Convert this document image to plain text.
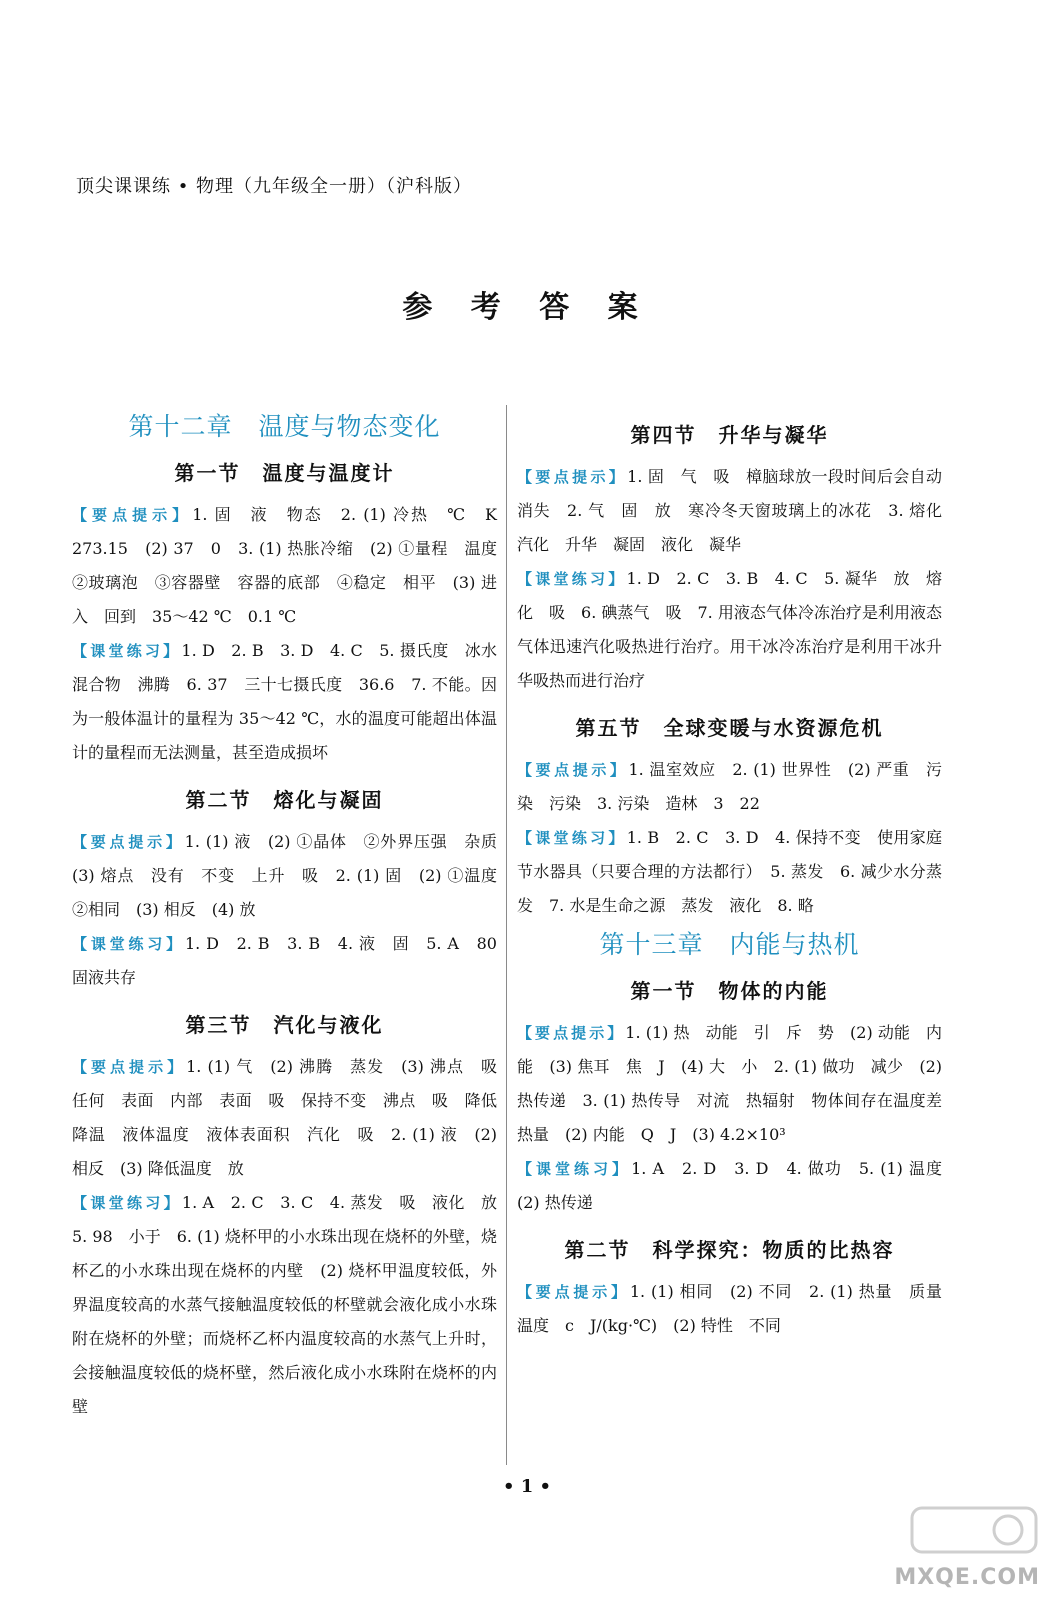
顶尖课课练 • 物理（九年级全一册）（沪科版）
参 考 答 案
第十二章　温度与物态变化
第一节　温度与温度计

【要点提示】1. 固　液　物态　2. (1) 冷热　℃　K　273.15　(2) 37　0　3. (1) 热胀冷缩　(2) ①量程　温度　②玻璃泡　③容器壁　容器的底部　④稳定　相平　(3) 进入　回到　35～42 ℃　0.1 ℃

【课堂练习】1. D　2. B　3. D　4. C　5. 摄氏度　冰水混合物　沸腾　6. 37　三十七摄氏度　36.6　7. 不能。因为一般体温计的量程为 35～42 ℃，水的温度可能超出体温计的量程而无法测量，甚至造成损坏

第二节　熔化与凝固

【要点提示】1. (1) 液　(2) ①晶体　②外界压强　杂质　(3) 熔点　没有　不变　上升　吸　2. (1) 固　(2) ①温度　②相同　(3) 相反　(4) 放

【课堂练习】1. D　2. B　3. B　4. 液　固　5. A　80　固液共存

第三节　汽化与液化

【要点提示】1. (1) 气　(2) 沸腾　蒸发　(3) 沸点　吸　任何　表面　内部　表面　吸　保持不变　沸点　吸　降低　降温　液体温度　液体表面积　汽化　吸　2. (1) 液　(2) 相反　(3) 降低温度　放

【课堂练习】1. A　2. C　3. C　4. 蒸发　吸　液化　放　5. 98　小于　6. (1) 烧杯甲的小水珠出现在烧杯的外壁，烧杯乙的小水珠出现在烧杯的内壁　(2) 烧杯甲温度较低，外界温度较高的水蒸气接触温度较低的杯壁就会液化成小水珠附在烧杯的外壁；而烧杯乙杯内温度较高的水蒸气上升时，会接触温度较低的烧杯壁，然后液化成小水珠附在烧杯的内壁

第四节　升华与凝华

【要点提示】1. 固　气　吸　樟脑球放一段时间后会自动消失　2. 气　固　放　寒冷冬天窗玻璃上的冰花　3. 熔化　汽化　升华　凝固　液化　凝华

【课堂练习】1. D　2. C　3. B　4. C　5. 凝华　放　熔化　吸　6. 碘蒸气　吸　7. 用液态气体冷冻治疗是利用液态气体迅速汽化吸热进行治疗。用干冰冷冻治疗是利用干冰升华吸热而进行治疗

第五节　全球变暖与水资源危机

【要点提示】1. 温室效应　2. (1) 世界性　(2) 严重　污染　污染　3. 污染　造林　3　22

【课堂练习】1. B　2. C　3. D　4. 保持不变　使用家庭节水器具（只要合理的方法都行）　5. 蒸发　6. 减少水分蒸发　7. 水是生命之源　蒸发　液化　8. 略

第十三章　内能与热机
第一节　物体的内能

【要点提示】1. (1) 热　动能　引　斥　势　(2) 动能　内能　(3) 焦耳　焦　J　(4) 大　小　2. (1) 做功　减少　(2) 热传递　3. (1) 热传导　对流　热辐射　物体间存在温度差　热量　(2) 内能　Q　J　(3) 4.2×10³

【课堂练习】1. A　2. D　3. D　4. 做功　5. (1) 温度　(2) 热传递

第二节　科学探究：物质的比热容

【要点提示】1. (1) 相同　(2) 不同　2. (1) 热量　质量　温度　c　J/(kg·℃)　(2) 特性　不同

• 1 •
MXQE.COM
